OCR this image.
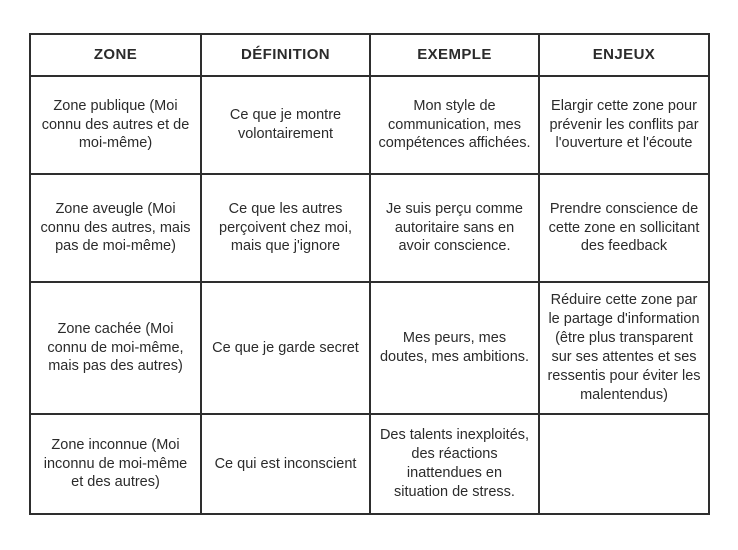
ZONE	DÉFINITION	EXEMPLE	ENJEUX
Zone publique (Moi connu des autres et de moi-même)	Ce que je montre volontairement	Mon style de communication, mes compétences affichées.	Elargir cette zone pour prévenir les conflits par l'ouverture et l'écoute
Zone aveugle (Moi connu des autres, mais pas de moi-même)	Ce que les autres perçoivent chez moi, mais que j'ignore	Je suis perçu comme autoritaire sans en avoir conscience.	Prendre conscience de cette zone en sollicitant des feedback
Zone cachée (Moi connu de moi-même, mais pas des autres)	Ce que je garde secret	Mes peurs, mes doutes, mes ambitions.	Réduire cette zone par le partage d'information (être plus transparent sur ses attentes et ses ressentis pour éviter les malentendus)
Zone inconnue (Moi inconnu de moi-même et des autres)	Ce qui est inconscient	Des talents inexploités, des réactions inattendues en situation de stress.	
